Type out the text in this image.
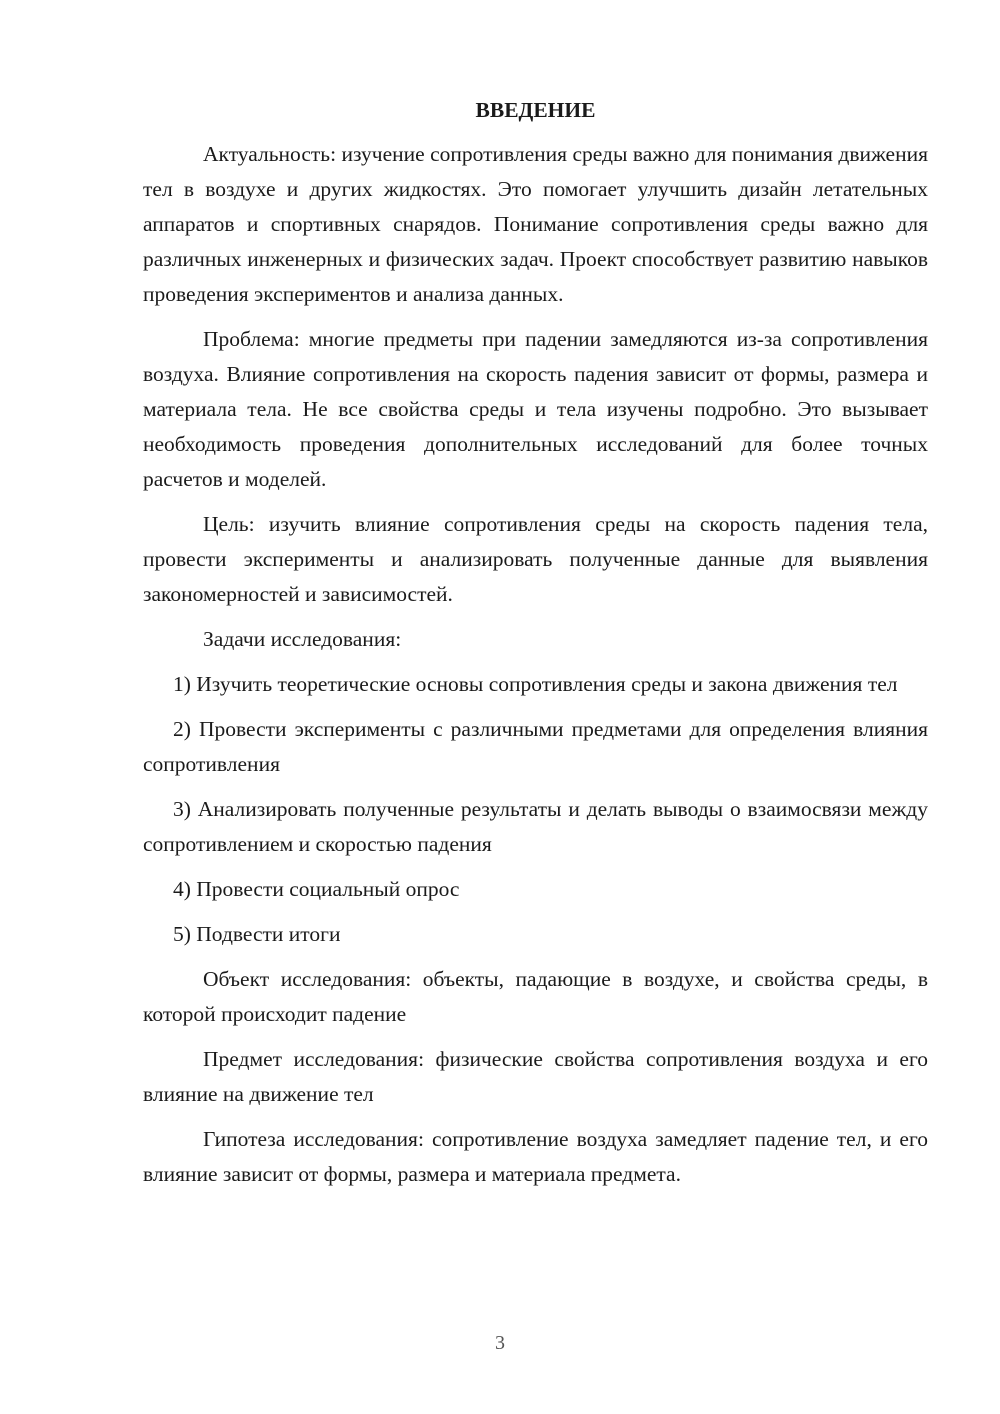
ВВЕДЕНИЕ

Актуальность: изучение сопротивления среды важно для понимания движения тел в воздухе и других жидкостях. Это помогает улучшить дизайн летательных аппаратов и спортивных снарядов. Понимание сопротивления среды важно для различных инженерных и физических задач. Проект способствует развитию навыков проведения экспериментов и анализа данных.

Проблема: многие предметы при падении замедляются из-за сопротивления воздуха. Влияние сопротивления на скорость падения зависит от формы, размера и материала тела. Не все свойства среды и тела изучены подробно. Это вызывает необходимость проведения дополнительных исследований для более точных расчетов и моделей.

Цель: изучить влияние сопротивления среды на скорость падения тела, провести эксперименты и анализировать полученные данные для выявления закономерностей и зависимостей.

Задачи исследования:

1) Изучить теоретические основы сопротивления среды и закона движения тел

2) Провести эксперименты с различными предметами для определения влияния сопротивления

3) Анализировать полученные результаты и делать выводы о взаимосвязи между сопротивлением и скоростью падения

4) Провести социальный опрос

5) Подвести итоги

Объект исследования: объекты, падающие в воздухе, и свойства среды, в которой происходит падение

Предмет исследования: физические свойства сопротивления воздуха и его влияние на движение тел

Гипотеза исследования: сопротивление воздуха замедляет падение тел, и его влияние зависит от формы, размера и материала предмета.

3
